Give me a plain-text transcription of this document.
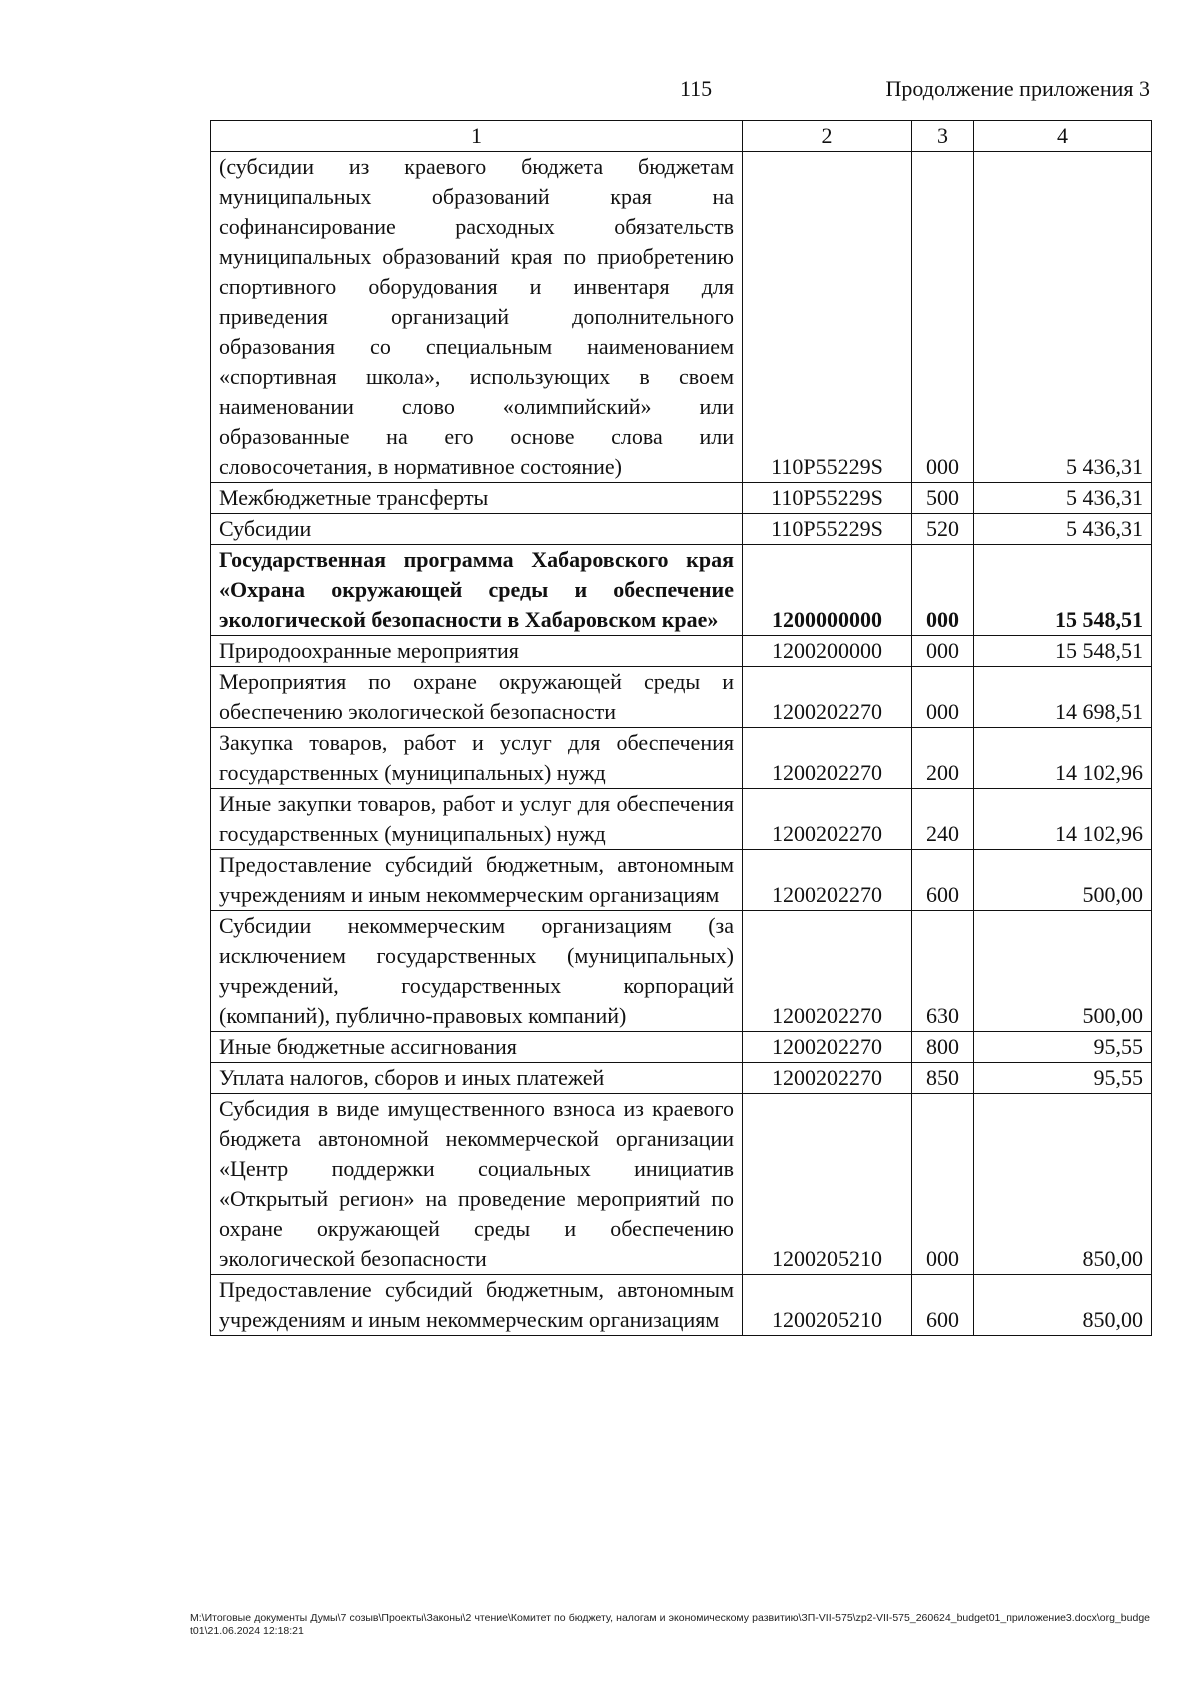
115	Продолжение приложения 3
1	2	3	4
(субсидии из краевого бюджета бюджетам муниципальных образований края на софинансирование расходных обязательств муниципальных образований края по приобретению спортивного оборудования и инвентаря для приведения организаций дополнительного образования со специальным наименованием «спортивная школа», использующих в своем наименовании слово «олимпийский» или образованные на его основе слова или словосочетания, в нормативное состояние)	110P55229S	000	5 436,31
Межбюджетные трансферты	110P55229S	500	5 436,31
Субсидии	110P55229S	520	5 436,31
Государственная программа Хабаровского края «Охрана окружающей среды и обеспечение экологической безопасности в Хабаровском крае»	1200000000	000	15 548,51
Природоохранные мероприятия	1200200000	000	15 548,51
Мероприятия по охране окружающей среды и обеспечению экологической безопасности	1200202270	000	14 698,51
Закупка товаров, работ и услуг для обеспечения государственных (муниципальных) нужд	1200202270	200	14 102,96
Иные закупки товаров, работ и услуг для обеспечения государственных (муниципальных) нужд	1200202270	240	14 102,96
Предоставление субсидий бюджетным, автономным учреждениям и иным некоммерческим организациям	1200202270	600	500,00
Субсидии некоммерческим организациям (за исключением государственных (муниципальных) учреждений, государственных корпораций (компаний), публично-правовых компаний)	1200202270	630	500,00
Иные бюджетные ассигнования	1200202270	800	95,55
Уплата налогов, сборов и иных платежей	1200202270	850	95,55
Субсидия в виде имущественного взноса из краевого бюджета автономной некоммерческой организации «Центр поддержки социальных инициатив «Открытый регион» на проведение мероприятий по охране окружающей среды и обеспечению экологической безопасности	1200205210	000	850,00
Предоставление субсидий бюджетным, автономным учреждениям и иным некоммерческим организациям	1200205210	600	850,00
M:\Итоговые документы Думы\7 созыв\Проекты\Законы\2 чтение\Комитет по бюджету, налогам и экономическому развитию\ЗП-VII-575\zp2-VII-575_260624_budget01_приложение3.docx\org_budget01\21.06.2024 12:18:21
